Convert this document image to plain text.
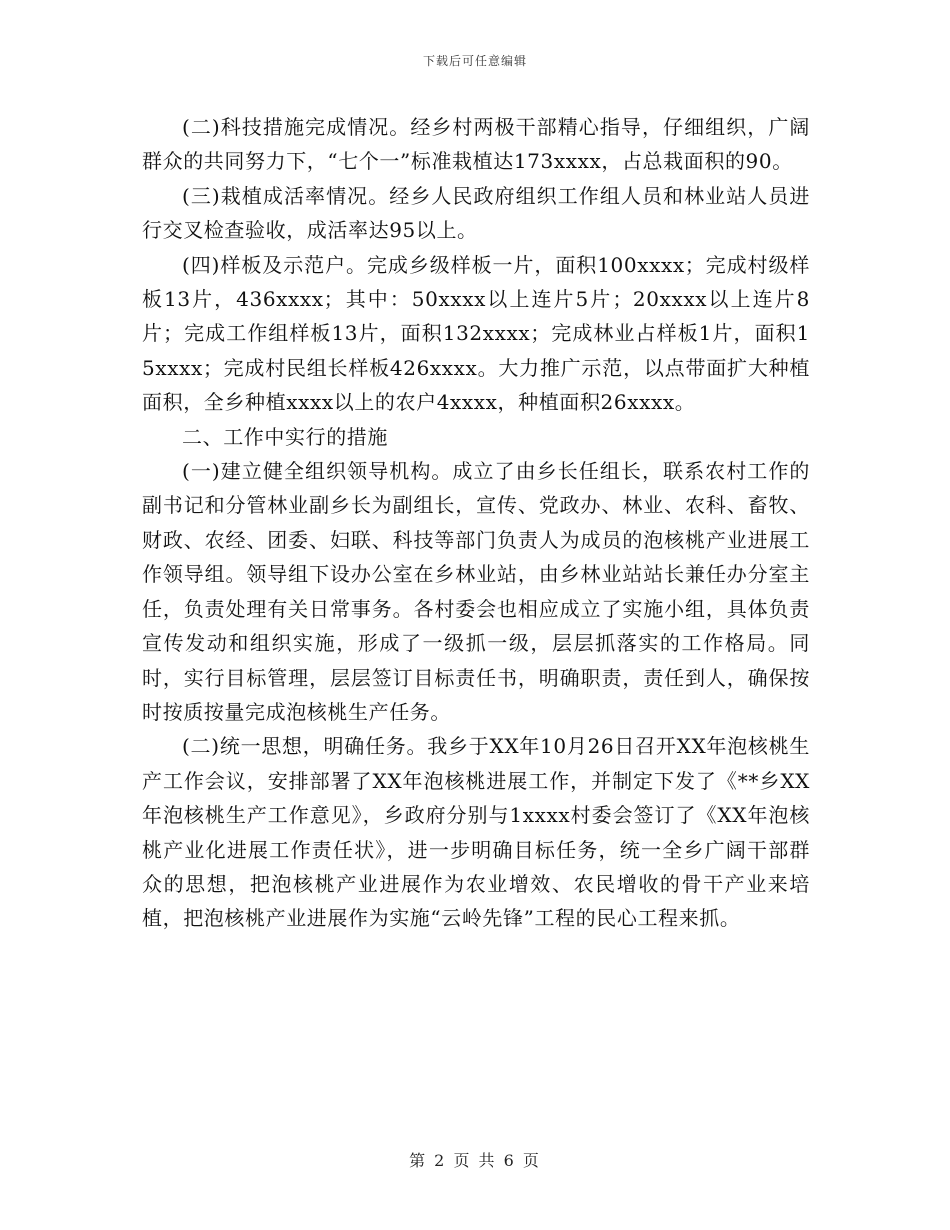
下载后可任意编辑

(二)科技措施完成情况。经乡村两极干部精心指导，仔细组织，广阔群众的共同努力下，“七个一”标准栽植达173xxxx，占总栽面积的90。

(三)栽植成活率情况。经乡人民政府组织工作组人员和林业站人员进行交叉检查验收，成活率达95以上。

(四)样板及示范户。完成乡级样板一片，面积100xxxx；完成村级样板13片，436xxxx；其中：50xxxx以上连片5片；20xxxx以上连片8片；完成工作组样板13片，面积132xxxx；完成林业占样板1片，面积15xxxx；完成村民组长样板426xxxx。大力推广示范，以点带面扩大种植面积，全乡种植xxxx以上的农户4xxxx，种植面积26xxxx。

二、工作中实行的措施

(一)建立健全组织领导机构。成立了由乡长任组长，联系农村工作的副书记和分管林业副乡长为副组长，宣传、党政办、林业、农科、畜牧、财政、农经、团委、妇联、科技等部门负责人为成员的泡核桃产业进展工作领导组。领导组下设办公室在乡林业站，由乡林业站站长兼任办分室主任，负责处理有关日常事务。各村委会也相应成立了实施小组，具体负责宣传发动和组织实施，形成了一级抓一级，层层抓落实的工作格局。同时，实行目标管理，层层签订目标责任书，明确职责，责任到人，确保按时按质按量完成泡核桃生产任务。

(二)统一思想，明确任务。我乡于XX年10月26日召开XX年泡核桃生产工作会议，安排部署了XX年泡核桃进展工作，并制定下发了《**乡XX年泡核桃生产工作意见》，乡政府分别与1xxxx村委会签订了《XX年泡核桃产业化进展工作责任状》，进一步明确目标任务，统一全乡广阔干部群众的思想，把泡核桃产业进展作为农业增效、农民增收的骨干产业来培植，把泡核桃产业进展作为实施“云岭先锋”工程的民心工程来抓。

第 2 页 共 6 页
